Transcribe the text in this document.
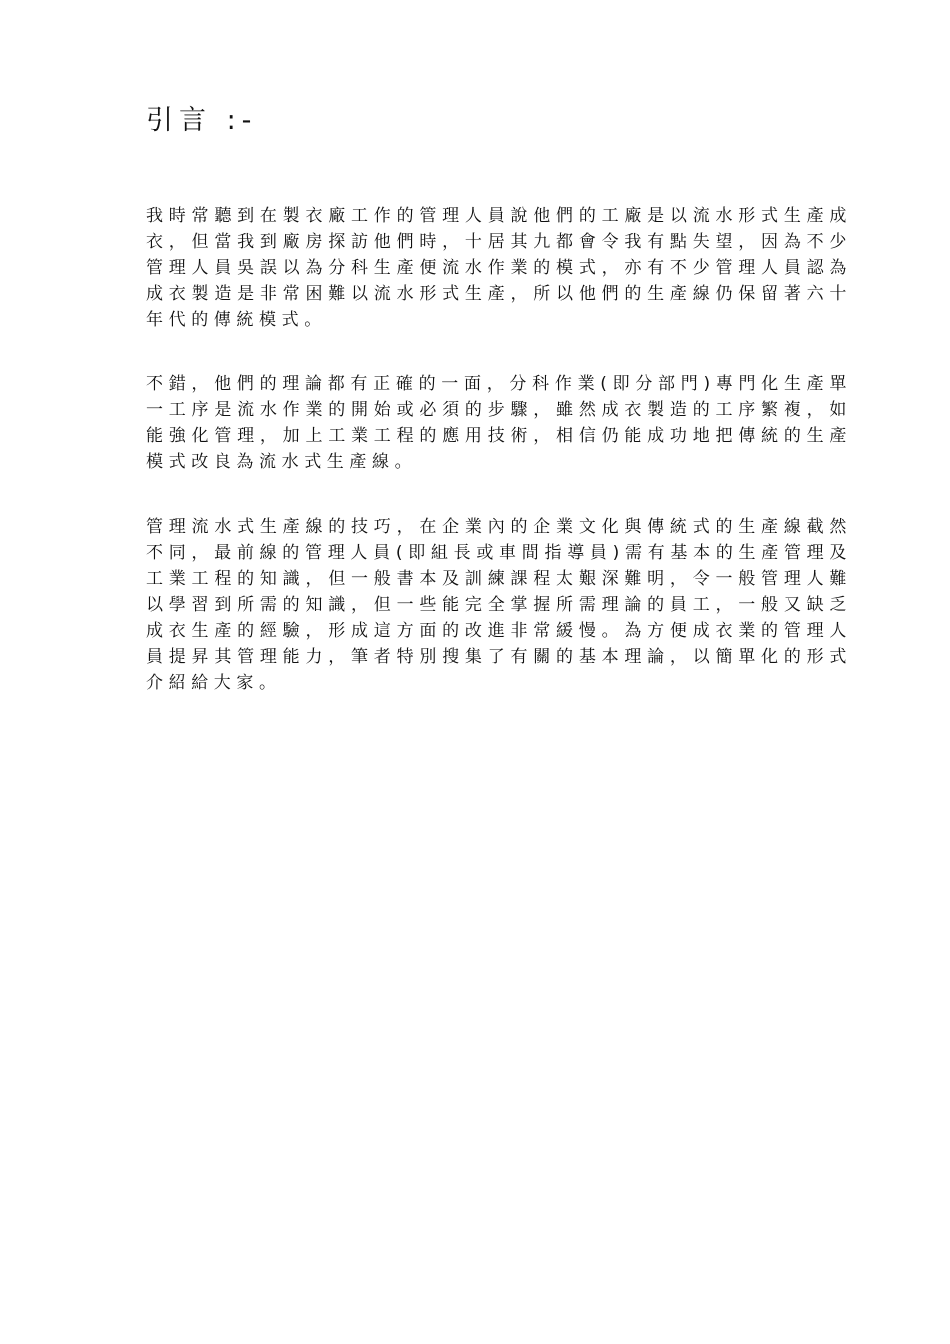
引言 :-

我時常聽到在製衣廠工作的管理人員說他們的工廠是以流水形式生產成衣，但當我到廠房探訪他們時，十居其九都會令我有點失望，因為不少管理人員吳誤以為分科生產便流水作業的模式，亦有不少管理人員認為成衣製造是非常困難以流水形式生產，所以他們的生產線仍保留著六十年代的傳統模式。

不錯，他們的理論都有正確的一面，分科作業(即分部門)專門化生產單一工序是流水作業的開始或必須的步驟，雖然成衣製造的工序繁複，如能強化管理，加上工業工程的應用技術，相信仍能成功地把傳統的生產模式改良為流水式生產線。

管理流水式生產線的技巧，在企業內的企業文化與傳統式的生產線截然不同，最前線的管理人員(即組長或車間指導員)需有基本的生產管理及工業工程的知識，但一般書本及訓練課程太艱深難明，令一般管理人難以學習到所需的知識，但一些能完全掌握所需理論的員工，一般又缺乏成衣生產的經驗，形成這方面的改進非常緩慢。為方便成衣業的管理人員提昇其管理能力，筆者特別搜集了有關的基本理論，以簡單化的形式介紹給大家。
